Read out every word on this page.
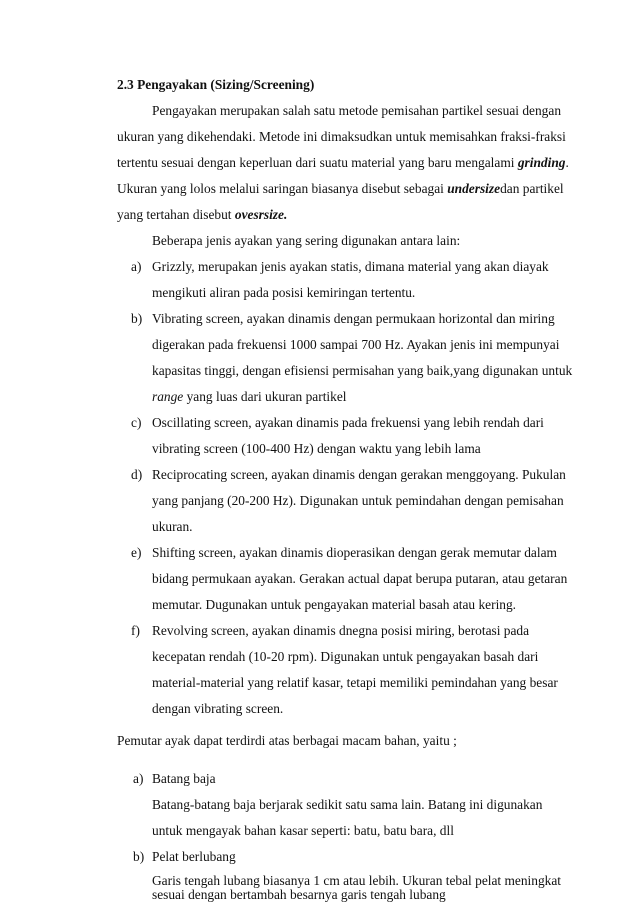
2.3 Pengayakan (Sizing/Screening)
Pengayakan merupakan salah satu metode pemisahan partikel sesuai dengan
ukuran yang dikehendaki. Metode ini dimaksudkan untuk memisahkan fraksi-fraksi
tertentu sesuai dengan keperluan dari suatu material yang baru mengalami grinding.
Ukuran yang lolos melalui saringan biasanya disebut sebagai undersizedan partikel
yang tertahan disebut ovesrsize.
Beberapa jenis ayakan yang sering digunakan antara lain:
a) Grizzly, merupakan jenis ayakan statis, dimana material yang akan diayak
mengikuti aliran pada posisi kemiringan tertentu.
b) Vibrating screen, ayakan dinamis dengan permukaan horizontal dan miring
digerakan pada frekuensi 1000 sampai 700 Hz. Ayakan jenis ini mempunyai
kapasitas tinggi, dengan efisiensi permisahan yang baik,yang digunakan untuk
range yang luas dari ukuran partikel
c) Oscillating screen, ayakan dinamis pada frekuensi yang lebih rendah dari
vibrating screen (100-400 Hz) dengan waktu yang lebih lama
d) Reciprocating screen, ayakan dinamis dengan gerakan menggoyang. Pukulan
yang panjang (20-200 Hz). Digunakan untuk pemindahan dengan pemisahan
ukuran.
e) Shifting screen, ayakan dinamis dioperasikan dengan gerak memutar dalam
bidang permukaan ayakan. Gerakan actual dapat berupa putaran, atau getaran
memutar. Dugunakan untuk pengayakan material basah atau kering.
f) Revolving screen, ayakan dinamis dnegna posisi miring, berotasi pada
kecepatan rendah (10-20 rpm). Digunakan untuk pengayakan basah dari
material-material yang relatif kasar, tetapi memiliki pemindahan yang besar
dengan vibrating screen.
Pemutar ayak dapat terdirdi atas berbagai macam bahan, yaitu ;
a) Batang baja
Batang-batang baja berjarak sedikit satu sama lain. Batang ini digunakan
untuk mengayak bahan kasar seperti: batu, batu bara, dll
b) Pelat berlubang
Garis tengah lubang biasanya 1 cm atau lebih. Ukuran tebal pelat meningkat
sesuai dengan bertambah besarnya garis tengah lubang
